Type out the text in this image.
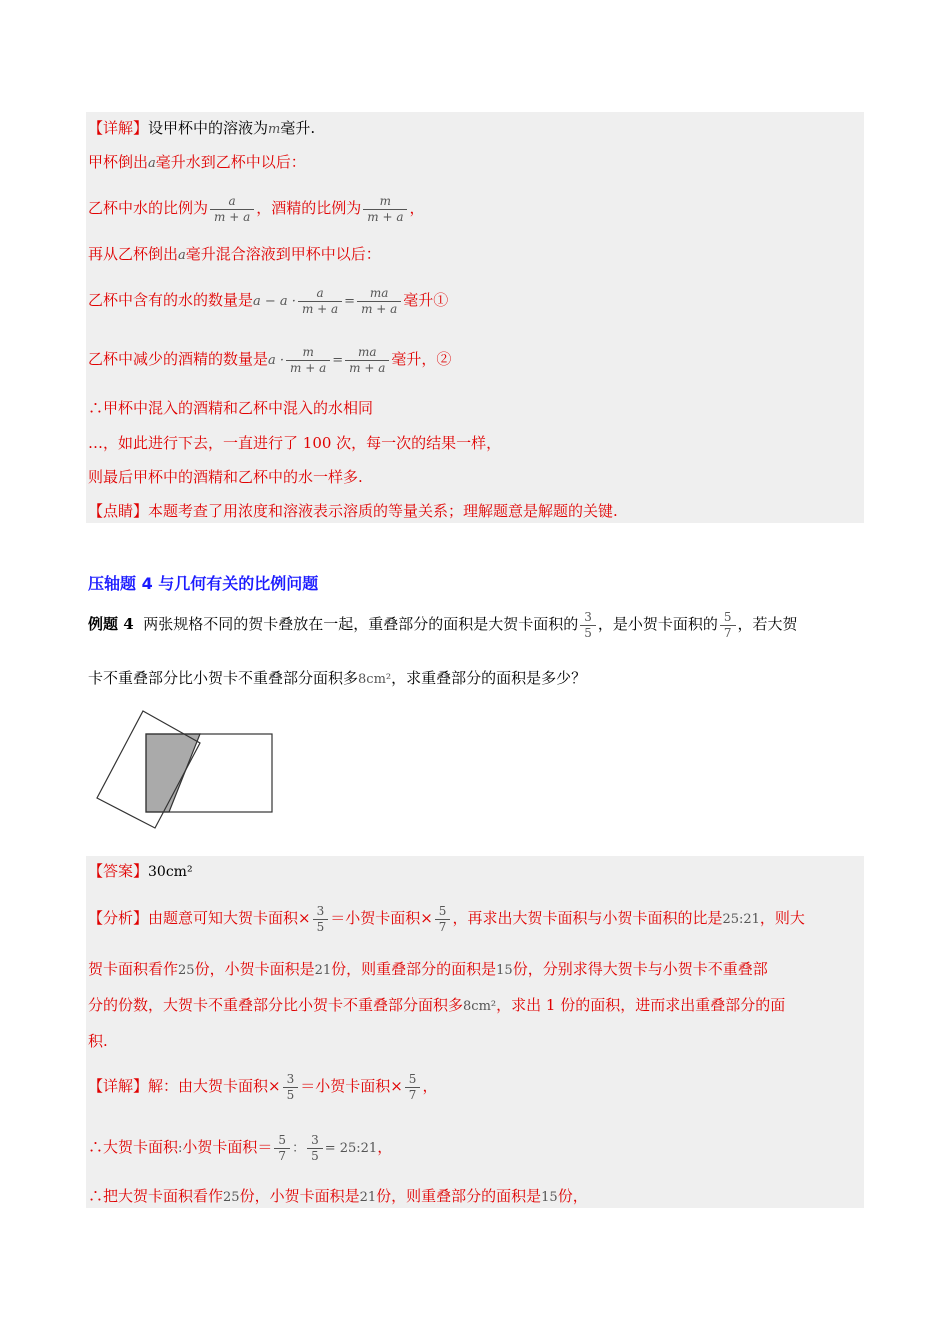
【详解】设甲杯中的溶液为m毫升.
甲杯倒出a毫升水到乙杯中以后：
乙杯中水的比例为 $\frac{a}{m + a}$ ，酒精的比例为 $\frac{m}{m + a}$ ，
再从乙杯倒出a毫升混合溶液到甲杯中以后：
乙杯中含有的水的数量是$a - a \cdot \frac{a}{m + a} = \frac{ma}{m + a}$ 毫升①
乙杯中减少的酒精的数量是$a \cdot \frac{m}{m + a} = \frac{ma}{m + a}$ 毫升，②
∴甲杯中混入的酒精和乙杯中混入的水相同
…，如此进行下去，一直进行了 100 次，每一次的结果一样，
则最后甲杯中的酒精和乙杯中的水一样多.
【点睛】本题考查了用浓度和溶液表示溶质的等量关系；理解题意是解题的关键.
压轴题 4 与几何有关的比例问题
例题 4 两张规格不同的贺卡叠放在一起，重叠部分的面积是大贺卡面积的 $\frac{3}{5}$ ，是小贺卡面积的 $\frac{5}{7}$ ，若大贺
卡不重叠部分比小贺卡不重叠部分面积多8cm²，求重叠部分的面积是多少？
【答案】30cm²
【分析】由题意可知大贺卡面积× $\frac{3}{5}$ ＝小贺卡面积× $\frac{5}{7}$ ，再求出大贺卡面积与小贺卡面积的比是25:21，则大
贺卡面积看作25份，小贺卡面积是21份，则重叠部分的面积是15份，分别求得大贺卡与小贺卡不重叠部
分的份数，大贺卡不重叠部分比小贺卡不重叠部分面积多8cm²，求出 1 份的面积，进而求出重叠部分的面
积.
【详解】解：由大贺卡面积× $\frac{3}{5}$ ＝小贺卡面积× $\frac{5}{7}$ ，
∴大贺卡面积:小贺卡面积＝ $\frac{5}{7}$ ： $\frac{3}{5}$ = 25:21，
∴把大贺卡面积看作25份，小贺卡面积是21份，则重叠部分的面积是15份，
